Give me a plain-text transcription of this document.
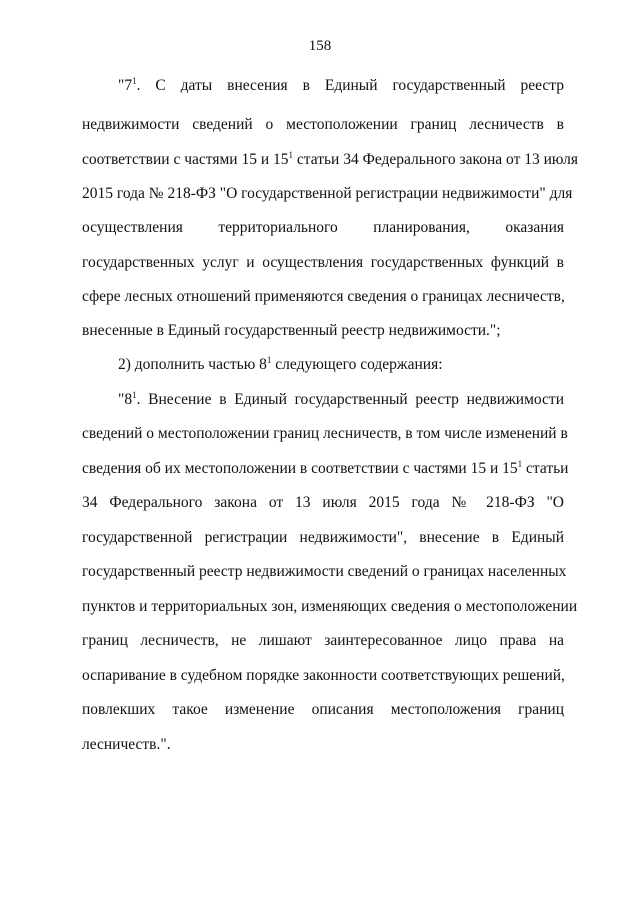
158
"$7^1$. С даты внесения в Единый государственный реестр
недвижимости сведений о местоположении границ лесничеств в
соответствии с частями 15 и $15^1$ статьи 34 Федерального закона от 13 июля
2015 года № 218-ФЗ "О государственной регистрации недвижимости" для
осуществления территориального планирования, оказания
государственных услуг и осуществления государственных функций в
сфере лесных отношений применяются сведения о границах лесничеств,
внесенные в Единый государственный реестр недвижимости.";
2) дополнить частью $8^1$ следующего содержания:
"$8^1$. Внесение в Единый государственный реестр недвижимости
сведений о местоположении границ лесничеств, в том числе изменений в
сведения об их местоположении в соответствии с частями 15 и $15^1$ статьи
34 Федерального закона от 13 июля 2015 года № 218-ФЗ "О
государственной регистрации недвижимости", внесение в Единый
государственный реестр недвижимости сведений о границах населенных
пунктов и территориальных зон, изменяющих сведения о местоположении
границ лесничеств, не лишают заинтересованное лицо права на
оспаривание в судебном порядке законности соответствующих решений,
повлекших такое изменение описания местоположения границ
лесничеств.".
